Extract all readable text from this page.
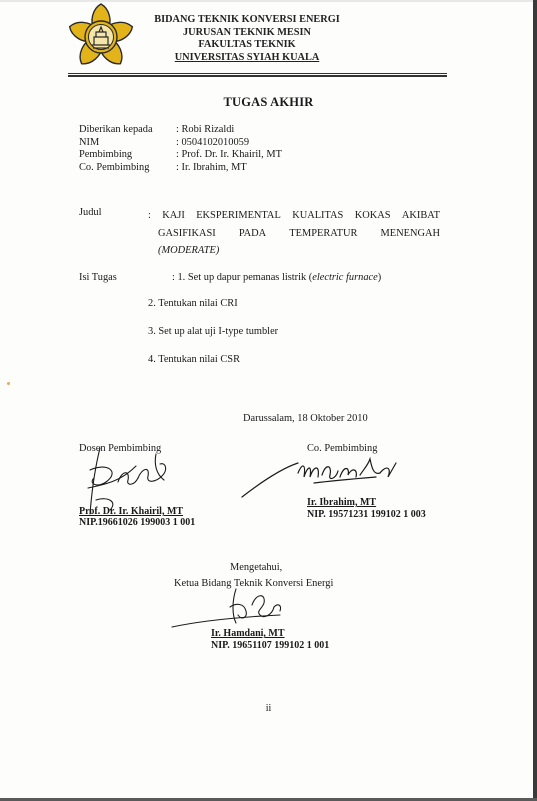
BIDANG TEKNIK KONVERSI ENERGI
JURUSAN TEKNIK MESIN
FAKULTAS TEKNIK
UNIVERSITAS SYIAH KUALA
TUGAS AKHIR
Diberikan kepada	: Robi Rizaldi
NIM	: 0504102010059
Pembimbing	: Prof. Dr. Ir. Khairil, MT
Co. Pembimbing	: Ir. Ibrahim, MT
Judul	: KAJI EKSPERIMENTAL KUALITAS KOKAS AKIBAT
GASIFIKASI PADA TEMPERATUR MENENGAH
(MODERATE)
Isi Tugas	: 1. Set up dapur pemanas listrik (electric furnace)
2. Tentukan nilai CRI
3. Set up alat uji I-type tumbler
4. Tentukan nilai CSR
Darussalam, 18 Oktober 2010
Dosen Pembimbing
Prof. Dr. Ir. Khairil, MT
NIP.19661026 199003 1 001
Co. Pembimbing
Ir. Ibrahim, MT
NIP. 19571231 199102 1 003
Mengetahui,
Ketua Bidang Teknik Konversi Energi
Ir. Hamdani, MT
NIP. 19651107 199102 1 001
ii
